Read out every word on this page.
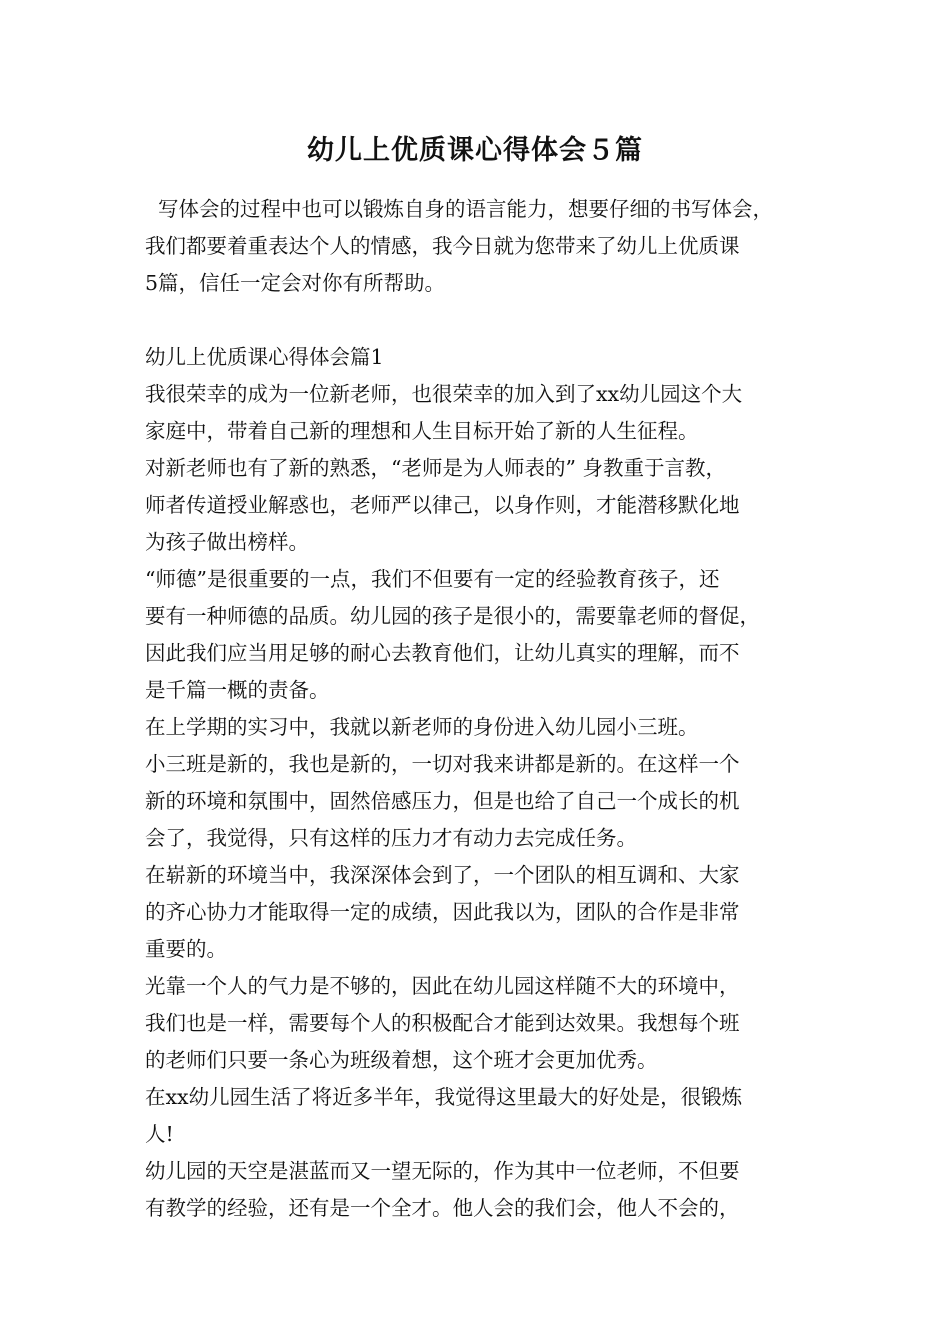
幼儿上优质课心得体会５篇
写体会的过程中也可以锻炼自身的语言能力，想要仔细的书写体会，
我们都要着重表达个人的情感，我今日就为您带来了幼儿上优质课
5篇，信任一定会对你有所帮助。
幼儿上优质课心得体会篇1
我很荣幸的成为一位新老师，也很荣幸的加入到了xx幼儿园这个大
家庭中，带着自己新的理想和人生目标开始了新的人生征程。
对新老师也有了新的熟悉，“老师是为人师表的” 身教重于言教，
师者传道授业解惑也，老师严以律己，以身作则，才能潜移默化地
为孩子做出榜样。
“师德”是很重要的一点，我们不但要有一定的经验教育孩子，还
要有一种师德的品质。幼儿园的孩子是很小的，需要靠老师的督促，
因此我们应当用足够的耐心去教育他们，让幼儿真实的理解，而不
是千篇一概的责备。
在上学期的实习中，我就以新老师的身份进入幼儿园小三班。
小三班是新的，我也是新的，一切对我来讲都是新的。在这样一个
新的环境和氛围中，固然倍感压力，但是也给了自己一个成长的机
会了，我觉得，只有这样的压力才有动力去完成任务。
在崭新的环境当中，我深深体会到了，一个团队的相互调和、大家
的齐心协力才能取得一定的成绩，因此我以为，团队的合作是非常
重要的。
光靠一个人的气力是不够的，因此在幼儿园这样随不大的环境中，
我们也是一样，需要每个人的积极配合才能到达效果。我想每个班
的老师们只要一条心为班级着想，这个班才会更加优秀。
在xx幼儿园生活了将近多半年，我觉得这里最大的好处是，很锻炼
人!
幼儿园的天空是湛蓝而又一望无际的，作为其中一位老师，不但要
有教学的经验，还有是一个全才。他人会的我们会，他人不会的，
